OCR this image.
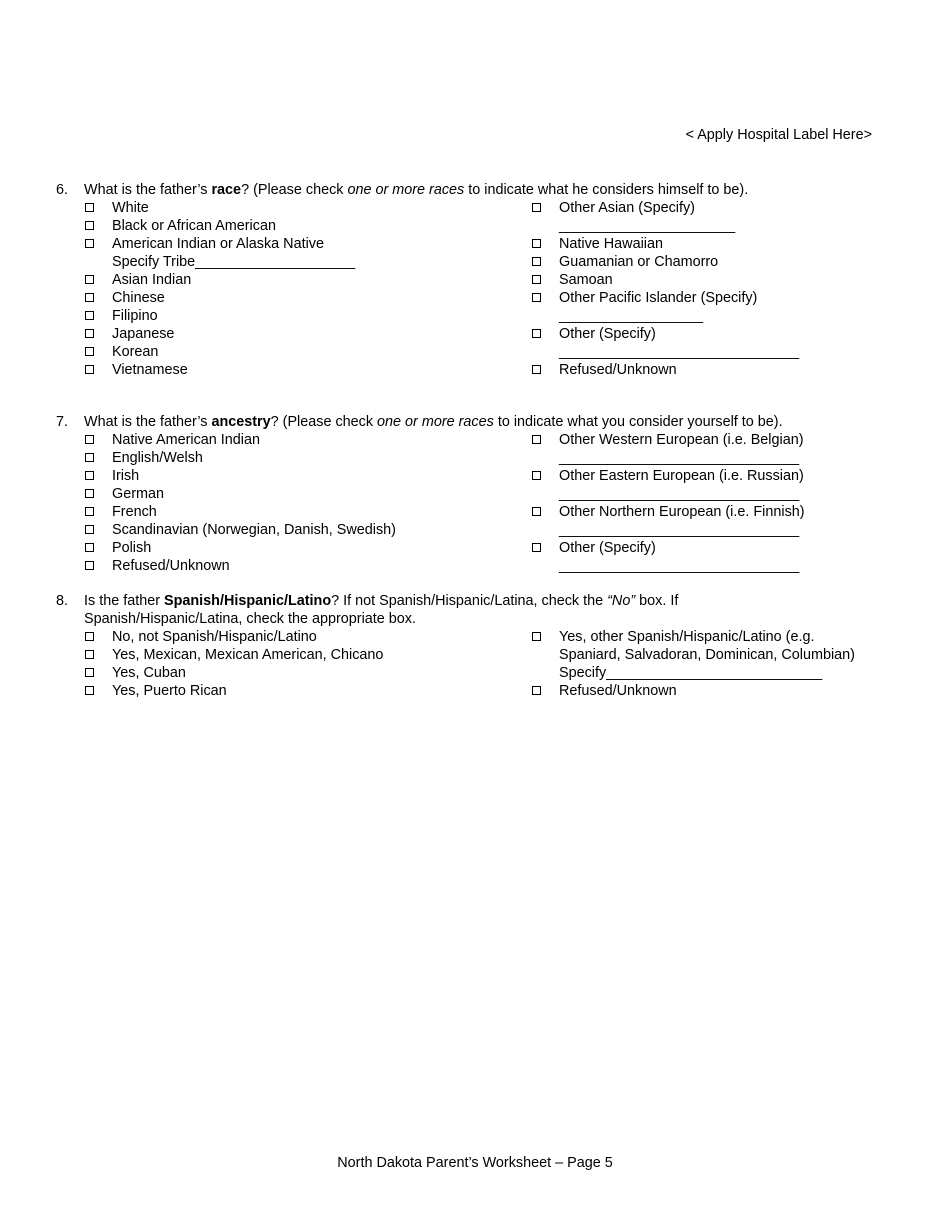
< Apply Hospital Label Here>
6. What is the father’s race? (Please check one or more races to indicate what he considers himself to be).
White
Black or African American
American Indian or Alaska Native
Specify Tribe____________________
Asian Indian
Chinese
Filipino
Japanese
Korean
Vietnamese
Other Asian (Specify)
______________________
Native Hawaiian
Guamanian or Chamorro
Samoan
Other Pacific Islander (Specify)
__________________
Other (Specify)
______________________________
Refused/Unknown
7. What is the father’s ancestry? (Please check one or more races to indicate what you consider yourself to be).
Native American Indian
English/Welsh
Irish
German
French
Scandinavian (Norwegian, Danish, Swedish)
Polish
Refused/Unknown
Other Western European (i.e. Belgian)
______________________________
Other Eastern European (i.e. Russian)
______________________________
Other Northern European (i.e. Finnish)
______________________________
Other (Specify)
______________________________
8. Is the father Spanish/Hispanic/Latino? If not Spanish/Hispanic/Latina, check the “No” box. If
Spanish/Hispanic/Latina, check the appropriate box.
No, not Spanish/Hispanic/Latino
Yes, Mexican, Mexican American, Chicano
Yes, Cuban
Yes, Puerto Rican
Yes, other Spanish/Hispanic/Latino (e.g.
Spaniard, Salvadoran, Dominican, Columbian)
Specify___________________________
Refused/Unknown
North Dakota Parent’s Worksheet – Page 5
